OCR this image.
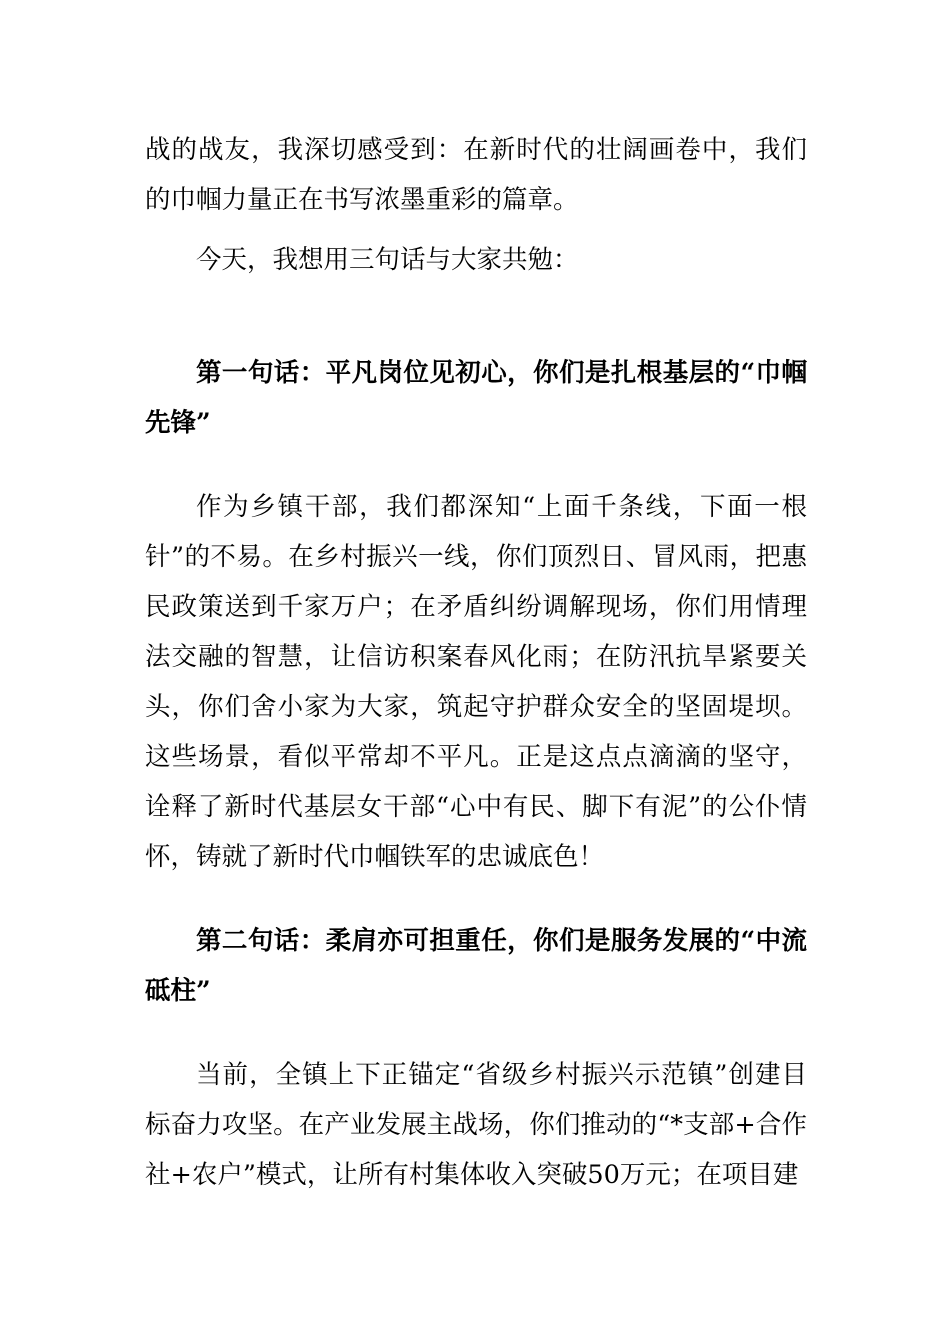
战的战友，我深切感受到：在新时代的壮阔画卷中，我们的巾帼力量正在书写浓墨重彩的篇章。

今天，我想用三句话与大家共勉：

第一句话：平凡岗位见初心，你们是扎根基层的“巾帼先锋”

作为乡镇干部，我们都深知“上面千条线，下面一根针”的不易。在乡村振兴一线，你们顶烈日、冒风雨，把惠民政策送到千家万户；在矛盾纠纷调解现场，你们用情理法交融的智慧，让信访积案春风化雨；在防汛抗旱紧要关头，你们舍小家为大家，筑起守护群众安全的坚固堤坝。这些场景，看似平常却不平凡。正是这点点滴滴的坚守，诠释了新时代基层女干部“心中有民、脚下有泥”的公仆情怀，铸就了新时代巾帼铁军的忠诚底色！

第二句话：柔肩亦可担重任，你们是服务发展的“中流砥柱”

当前，全镇上下正锚定“省级乡村振兴示范镇”创建目标奋力攻坚。在产业发展主战场，你们推动的“*支部+合作社+农户”模式，让所有村集体收入突破50万元；在项目建
